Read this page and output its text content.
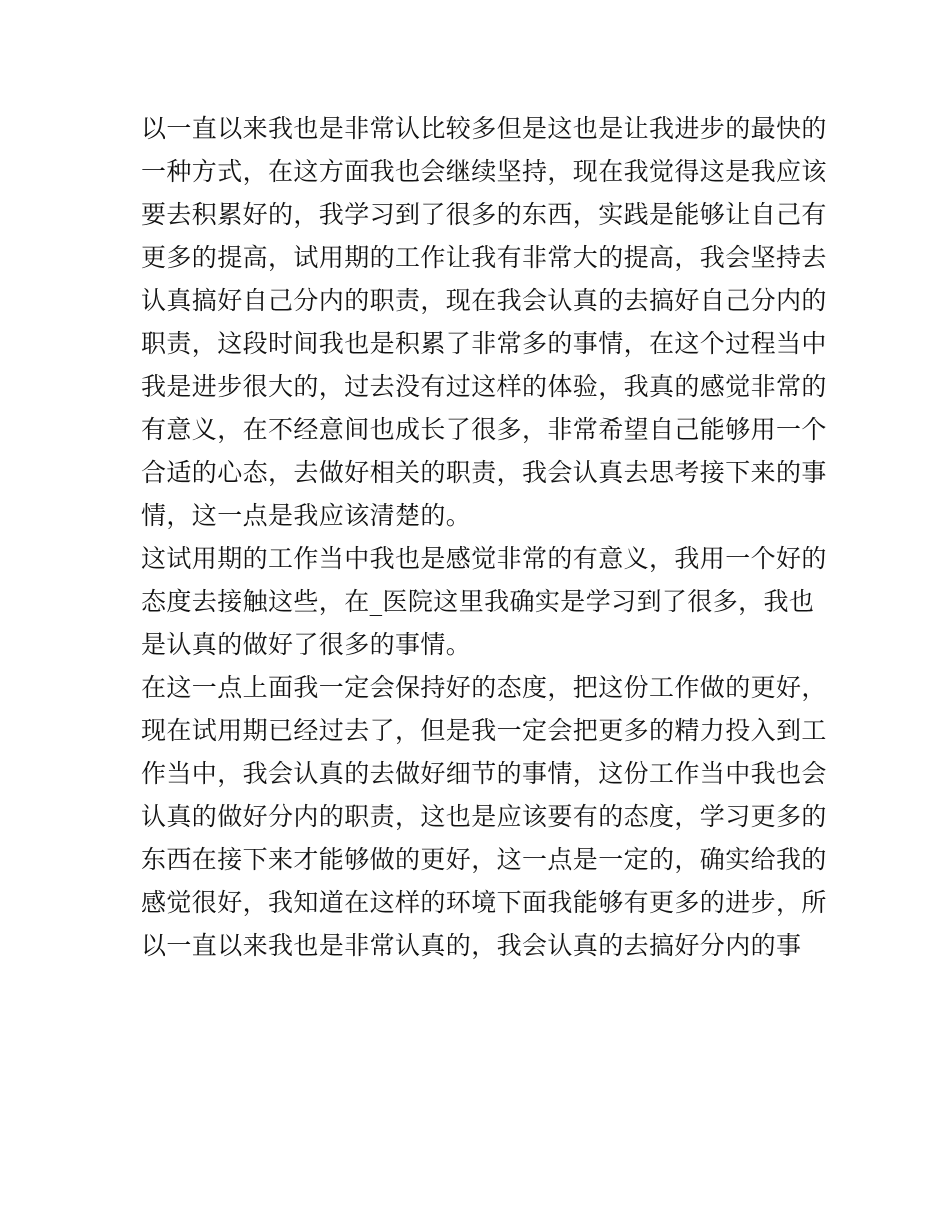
以一直以来我也是非常认比较多但是这也是让我进步的最快的
一种方式，在这方面我也会继续坚持，现在我觉得这是我应该
要去积累好的，我学习到了很多的东西，实践是能够让自己有
更多的提高，试用期的工作让我有非常大的提高，我会坚持去
认真搞好自己分内的职责，现在我会认真的去搞好自己分内的
职责，这段时间我也是积累了非常多的事情，在这个过程当中
我是进步很大的，过去没有过这样的体验，我真的感觉非常的
有意义，在不经意间也成长了很多，非常希望自己能够用一个
合适的心态，去做好相关的职责，我会认真去思考接下来的事
情，这一点是我应该清楚的。
这试用期的工作当中我也是感觉非常的有意义，我用一个好的
态度去接触这些，在_医院这里我确实是学习到了很多，我也
是认真的做好了很多的事情。
在这一点上面我一定会保持好的态度，把这份工作做的更好，
现在试用期已经过去了，但是我一定会把更多的精力投入到工
作当中，我会认真的去做好细节的事情，这份工作当中我也会
认真的做好分内的职责，这也是应该要有的态度，学习更多的
东西在接下来才能够做的更好，这一点是一定的，确实给我的
感觉很好，我知道在这样的环境下面我能够有更多的进步，所
以一直以来我也是非常认真的，我会认真的去搞好分内的事
